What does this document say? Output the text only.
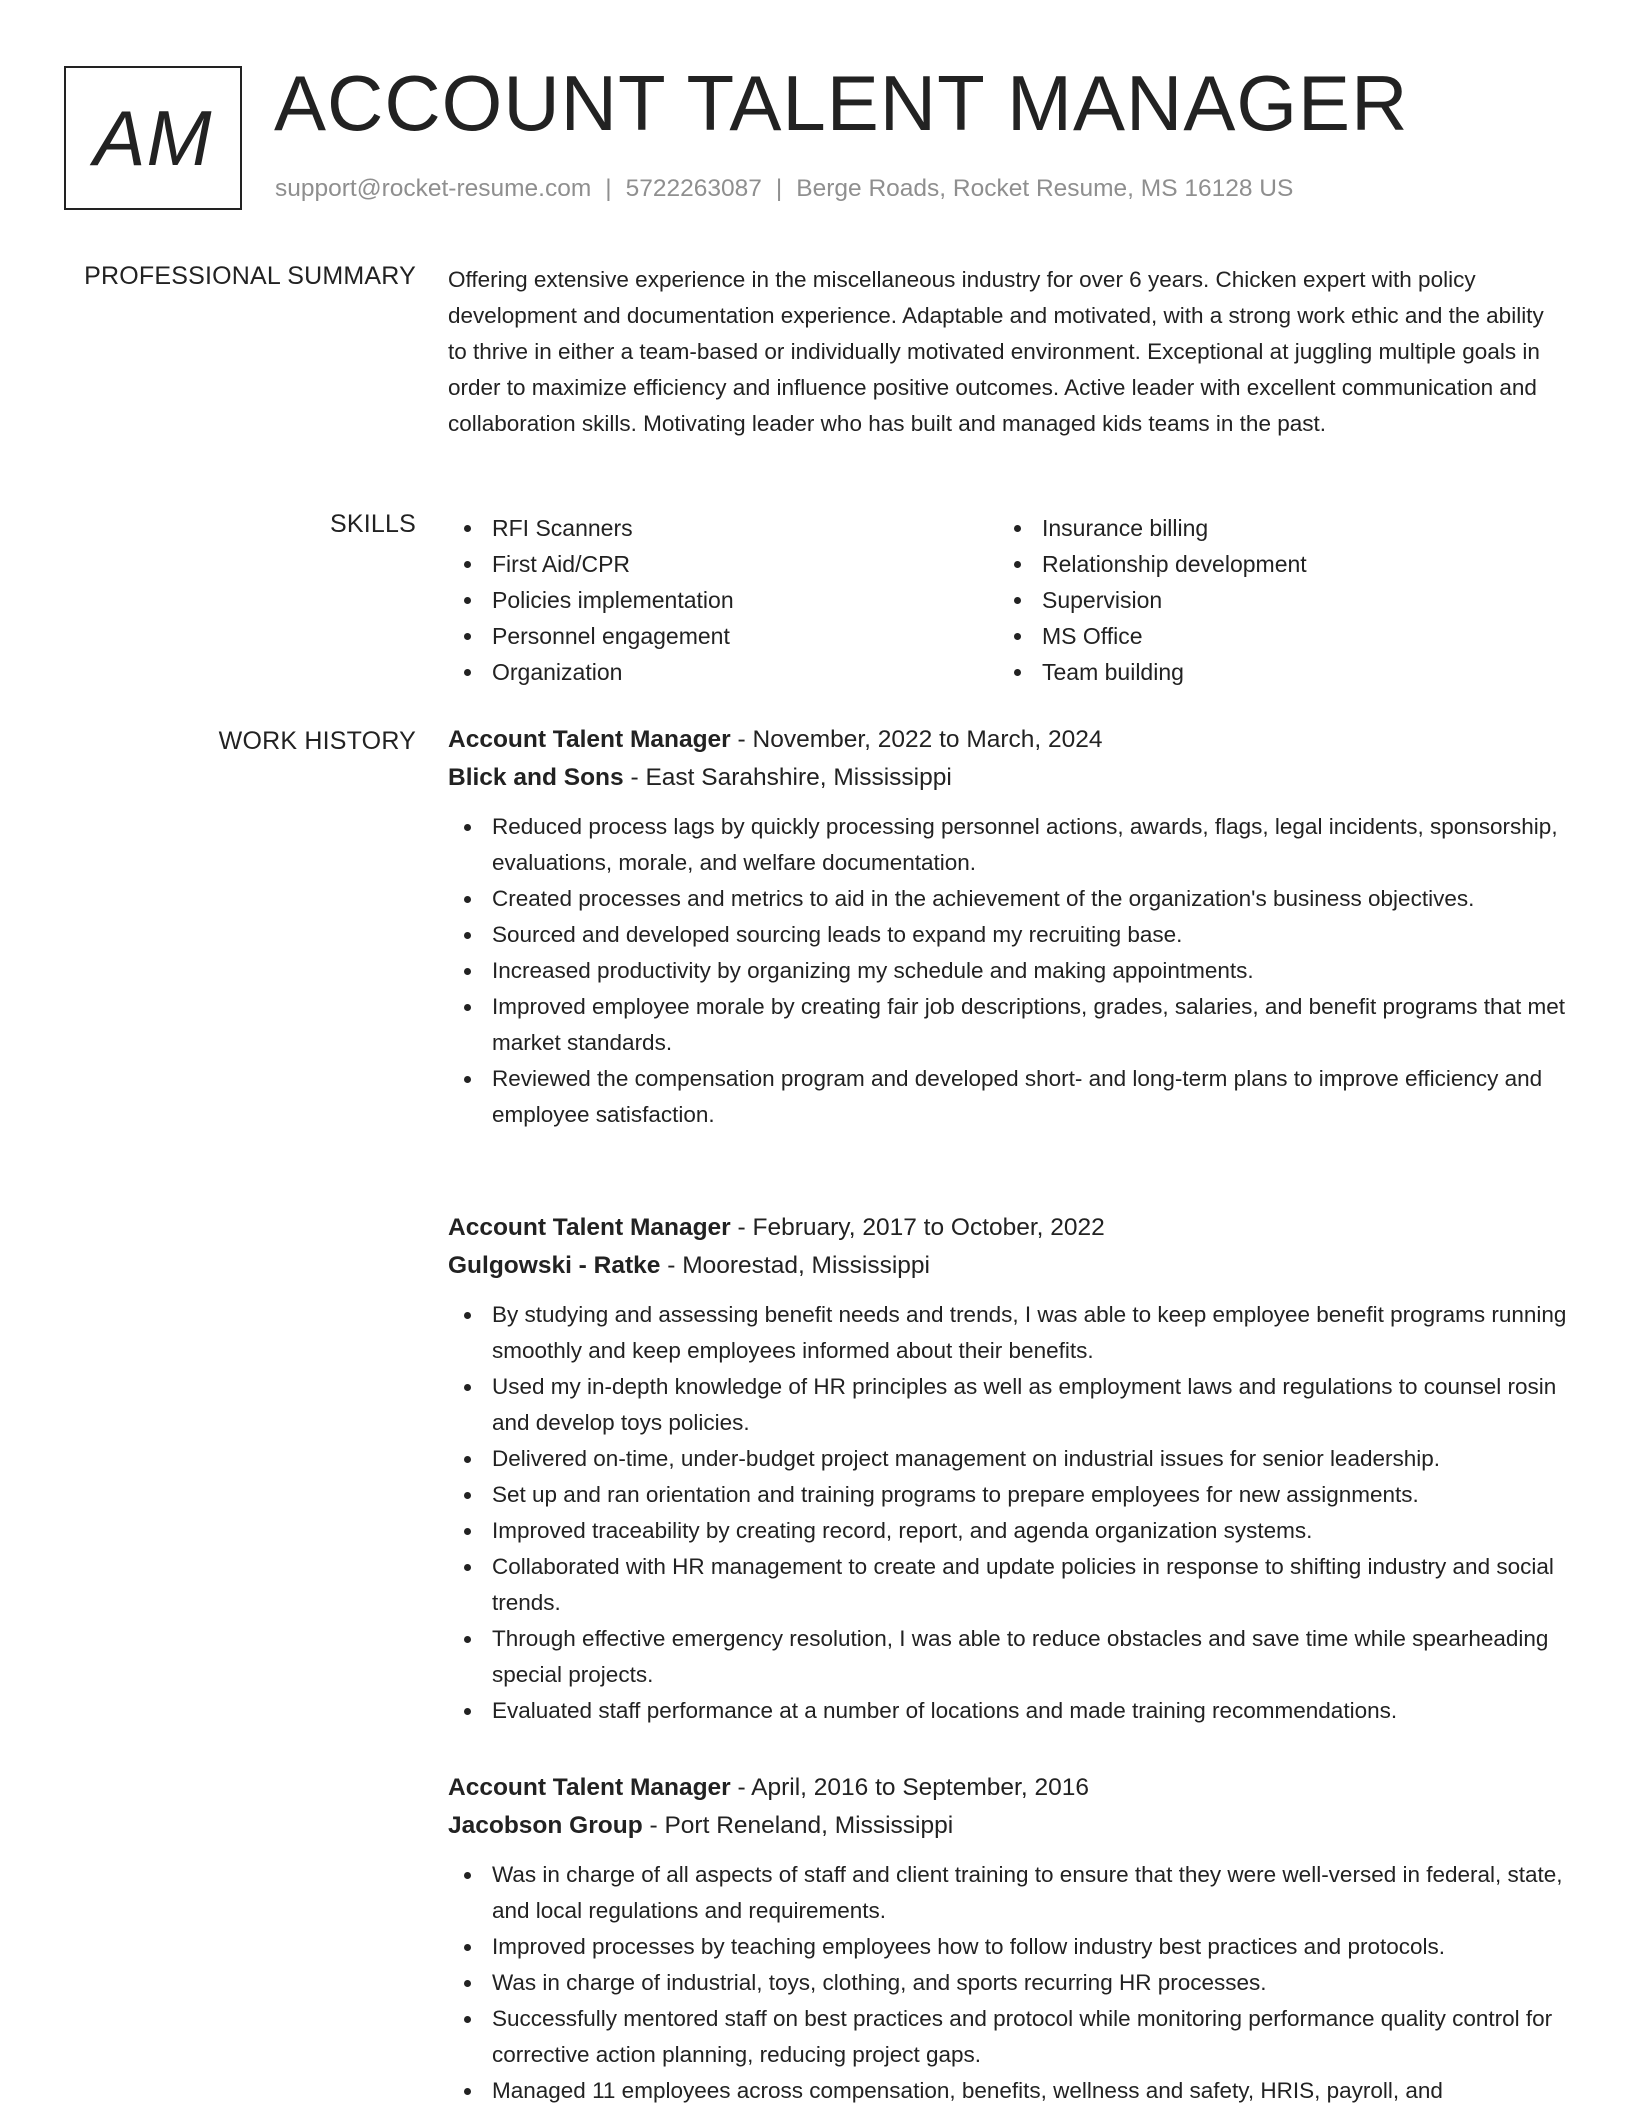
AM ACCOUNT TALENT MANAGER
support@rocket-resume.com | 5722263087 | Berge Roads, Rocket Resume, MS 16128 US
PROFESSIONAL SUMMARY Offering extensive experience in the miscellaneous industry for over 6 years. Chicken expert with policy development and documentation experience. Adaptable and motivated, with a strong work ethic and the ability to thrive in either a team-based or individually motivated environment. Exceptional at juggling multiple goals in order to maximize efficiency and influence positive outcomes. Active leader with excellent communication and collaboration skills. Motivating leader who has built and managed kids teams in the past.

SKILLS	RFI Scanners
First Aid/CPR
Policies implementation
Personnel engagement
Organization
Insurance billing
Relationship development
Supervision
MS Office
Team building
WORK HISTORY Account Talent Manager - November, 2022 to March, 2024
Blick and Sons - East Sarahshire, Mississippi
Reduced process lags by quickly processing personnel actions, awards, flags, legal incidents, sponsorship, evaluations, morale, and welfare documentation.
Created processes and metrics to aid in the achievement of the organization's business objectives.
Sourced and developed sourcing leads to expand my recruiting base.
Increased productivity by organizing my schedule and making appointments.
Improved employee morale by creating fair job descriptions, grades, salaries, and benefit programs that met market standards.
Reviewed the compensation program and developed short- and long-term plans to improve efficiency and employee satisfaction.
Account Talent Manager - February, 2017 to October, 2022
Gulgowski - Ratke - Moorestad, Mississippi
By studying and assessing benefit needs and trends, I was able to keep employee benefit programs running smoothly and keep employees informed about their benefits.
Used my in-depth knowledge of HR principles as well as employment laws and regulations to counsel rosin and develop toys policies.
Delivered on-time, under-budget project management on industrial issues for senior leadership.
Set up and ran orientation and training programs to prepare employees for new assignments.
Improved traceability by creating record, report, and agenda organization systems.
Collaborated with HR management to create and update policies in response to shifting industry and social trends.
Through effective emergency resolution, I was able to reduce obstacles and save time while spearheading special projects.
Evaluated staff performance at a number of locations and made training recommendations.
Account Talent Manager - April, 2016 to September, 2016
Jacobson Group - Port Reneland, Mississippi
Was in charge of all aspects of staff and client training to ensure that they were well-versed in federal, state, and local regulations and requirements.
Improved processes by teaching employees how to follow industry best practices and protocols.
Was in charge of industrial, toys, clothing, and sports recurring HR processes.
Successfully mentored staff on best practices and protocol while monitoring performance quality control for corrective action planning, reducing project gaps.
Managed 11 employees across compensation, benefits, wellness and safety, HRIS, payroll, and
